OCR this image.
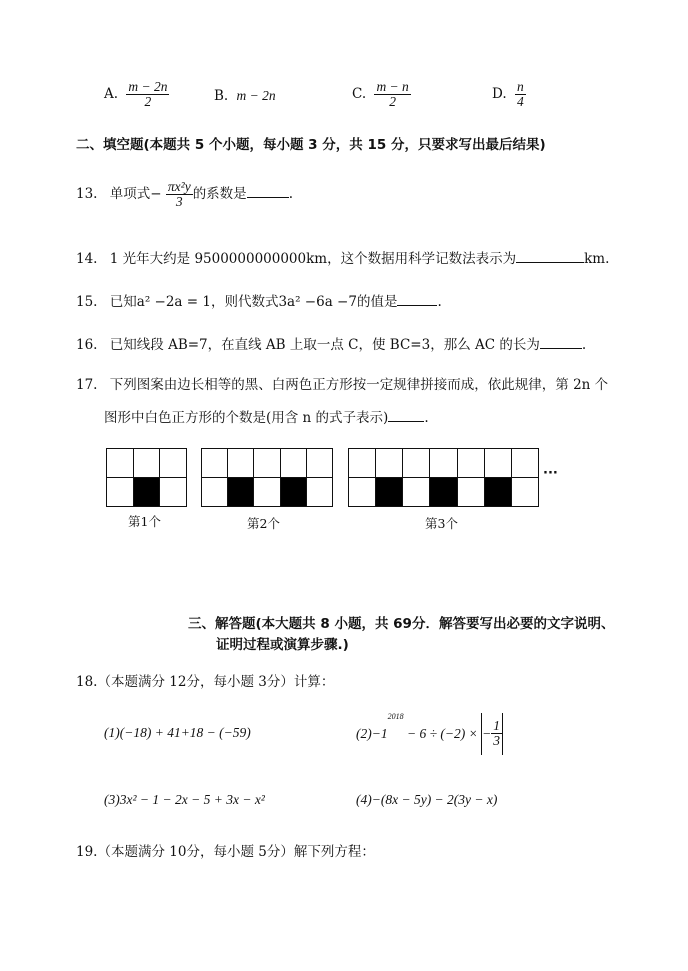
A. $\frac{m - 2n}{2}$	B. m − 2n	C. $\frac{m - n}{2}$	D. $\frac{n}{4}$
二、填空题(本题共 5 个小题，每小题 3 分，共 15 分，只要求写出最后结果)
13. 单项式− $\frac{\text{πx²y}}{3}$ 的系数是	.
14. 1 光年大约是 9500000000000km，这个数据用科学记数法表示为	km.
15. 已知a² −2a = 1，则代数式3a² −6a −7的值是	.
16. 已知线段 AB=7，在直线 AB 上取一点 C，使 BC=3，那么 AC 的长为	.
17. 下列图案由边长相等的黑、白两色正方形按一定规律拼接而成，依此规律，第 2n 个
图形中白色正方形的个数是(用含 n 的式子表示)	.
···
第1个	第2个	第3个
三、解答题(本大题共 8 小题，共 69分．解答要写出必要的文字说明、
证明过程或演算步骤.)
18.（本题满分 12分，每小题 3分）计算：
(1)(−18) + 41+18 − (−59)	$(2)-1^{2018} - 6 \div (-2)$ × − $\frac{1}{3}$
(3)3x² − 1 − 2x − 5 + 3x − x²	(4)−(8x − 5y) − 2(3y − x)
19.（本题满分 10分，每小题 5分）解下列方程：
